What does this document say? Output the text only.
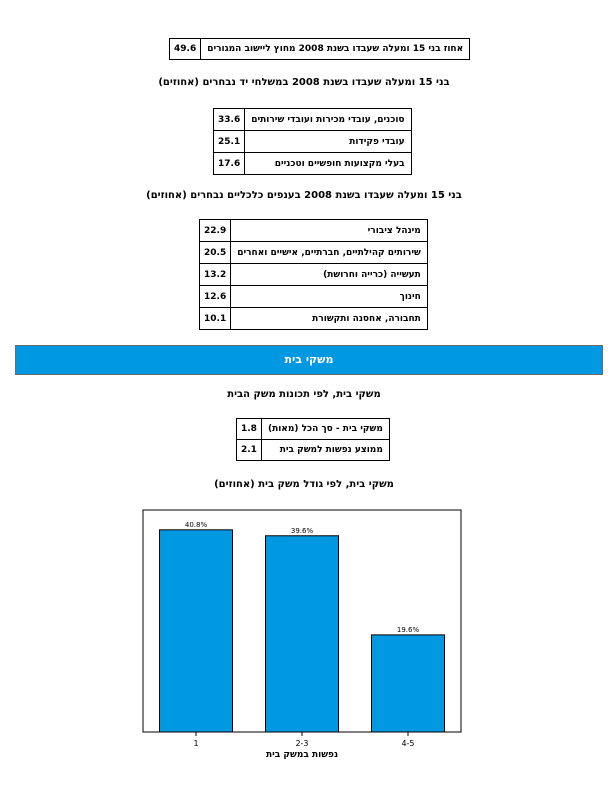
אחוז בני 15 ומעלה שעבדו בשנת 2008 מחוץ ליישוב המגורים	49.6
בני 15 ומעלה שעבדו בשנת 2008 במשלחי יד נבחרים (אחוזים)
סוכנים, עובדי מכירות ועובדי שירותים	33.6
עובדי פקידות	25.1
בעלי מקצועות חופשיים וטכניים	17.6
בני 15 ומעלה שעבדו בשנת 2008 בענפים כלכליים נבחרים (אחוזים)
מינהל ציבורי	22.9
שירותים קהילתיים, חברתיים, אישיים ואחרים	20.5
תעשייה (כרייה וחרושת)	13.2
חינוך	12.6
תחבורה, אחסנה ותקשורת	10.1
משקי בית
משקי בית, לפי תכונות משק הבית
משקי בית - סך הכל (מאות)	1.8
ממוצע נפשות למשק בית	2.1
משקי בית, לפי גודל משק בית (אחוזים)
40.8%
1
39.6%
2-3
19.6%
4-5
נפשות במשק בית
